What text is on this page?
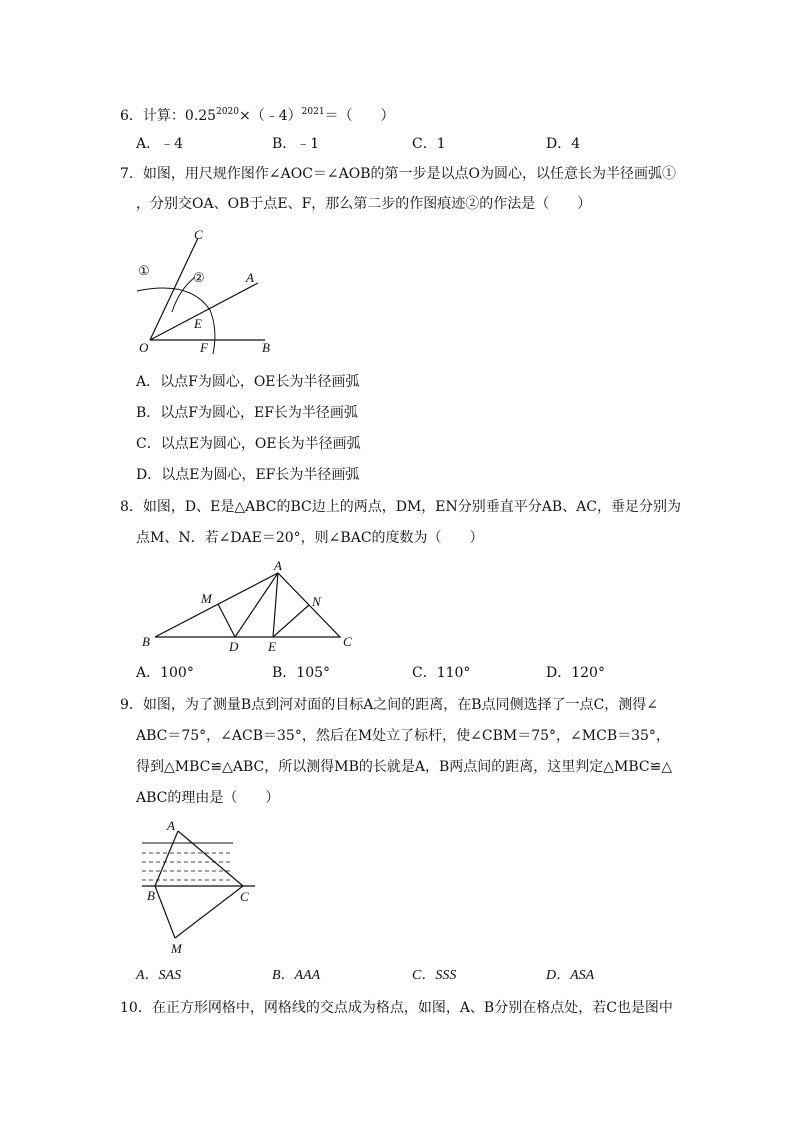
6．计算：$0.25^{2020}\times(﹣4)^{2021}=$（　　）
A．﹣4	B．﹣1	C．1	D．4
7．如图，用尺规作图作∠AOC＝∠AOB的第一步是以点O为圆心，以任意长为半径画弧①
，分别交OA、OB于点E、F，那么第二步的作图痕迹②的作法是（　　）
C
①	②	A
E
O	F	B
A．以点F为圆心，OE长为半径画弧
B．以点F为圆心，EF长为半径画弧
C．以点E为圆心，OE长为半径画弧
D．以点E为圆心，EF长为半径画弧
8．如图，D、E是△ABC的BC边上的两点，DM，EN分别垂直平分AB、AC，垂足分别为
点M、N．若∠DAE＝20°，则∠BAC的度数为（　　）
A
M	N
B	D E	C
A．100°	B．105°	C．110°	D．120°
9．如图，为了测量B点到河对面的目标A之间的距离，在B点同侧选择了一点C，测得∠
ABC＝75°，∠ACB＝35°，然后在M处立了标杆，使∠CBM＝75°，∠MCB＝35°，
得到△MBC≌△ABC，所以测得MB的长就是A，B两点间的距离，这里判定△MBC≌△
ABC的理由是（　　）
A
B	C
M
A．SAS	B．AAA	C．SSS	D．ASA
10．在正方形网格中，网格线的交点成为格点，如图，A、B分别在格点处，若C也是图中
